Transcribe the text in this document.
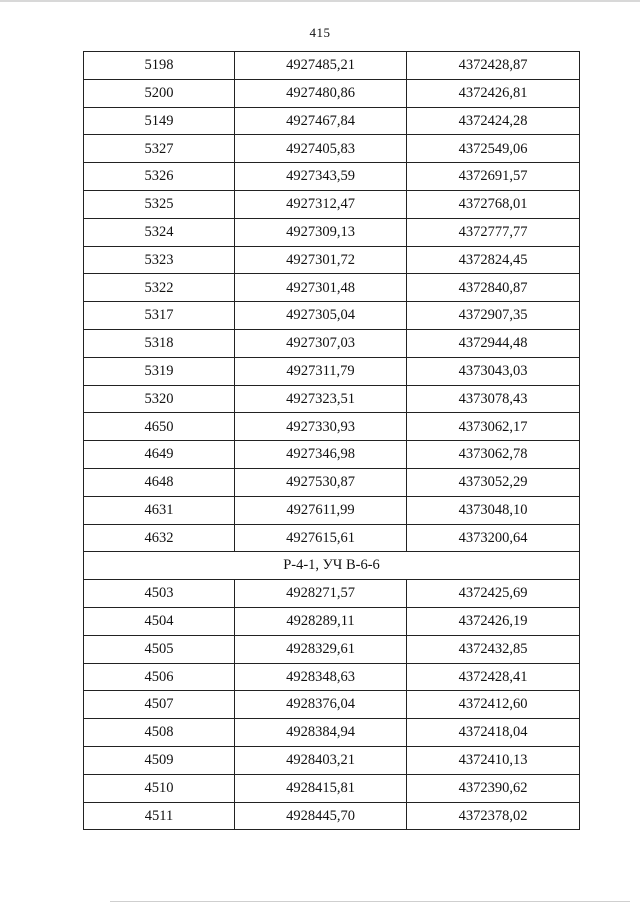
415
5198	4927485,21	4372428,87
5200	4927480,86	4372426,81
5149	4927467,84	4372424,28
5327	4927405,83	4372549,06
5326	4927343,59	4372691,57
5325	4927312,47	4372768,01
5324	4927309,13	4372777,77
5323	4927301,72	4372824,45
5322	4927301,48	4372840,87
5317	4927305,04	4372907,35
5318	4927307,03	4372944,48
5319	4927311,79	4373043,03
5320	4927323,51	4373078,43
4650	4927330,93	4373062,17
4649	4927346,98	4373062,78
4648	4927530,87	4373052,29
4631	4927611,99	4373048,10
4632	4927615,61	4373200,64
Р-4-1, УЧ В-6-6		
4503	4928271,57	4372425,69
4504	4928289,11	4372426,19
4505	4928329,61	4372432,85
4506	4928348,63	4372428,41
4507	4928376,04	4372412,60
4508	4928384,94	4372418,04
4509	4928403,21	4372410,13
4510	4928415,81	4372390,62
4511	4928445,70	4372378,02
